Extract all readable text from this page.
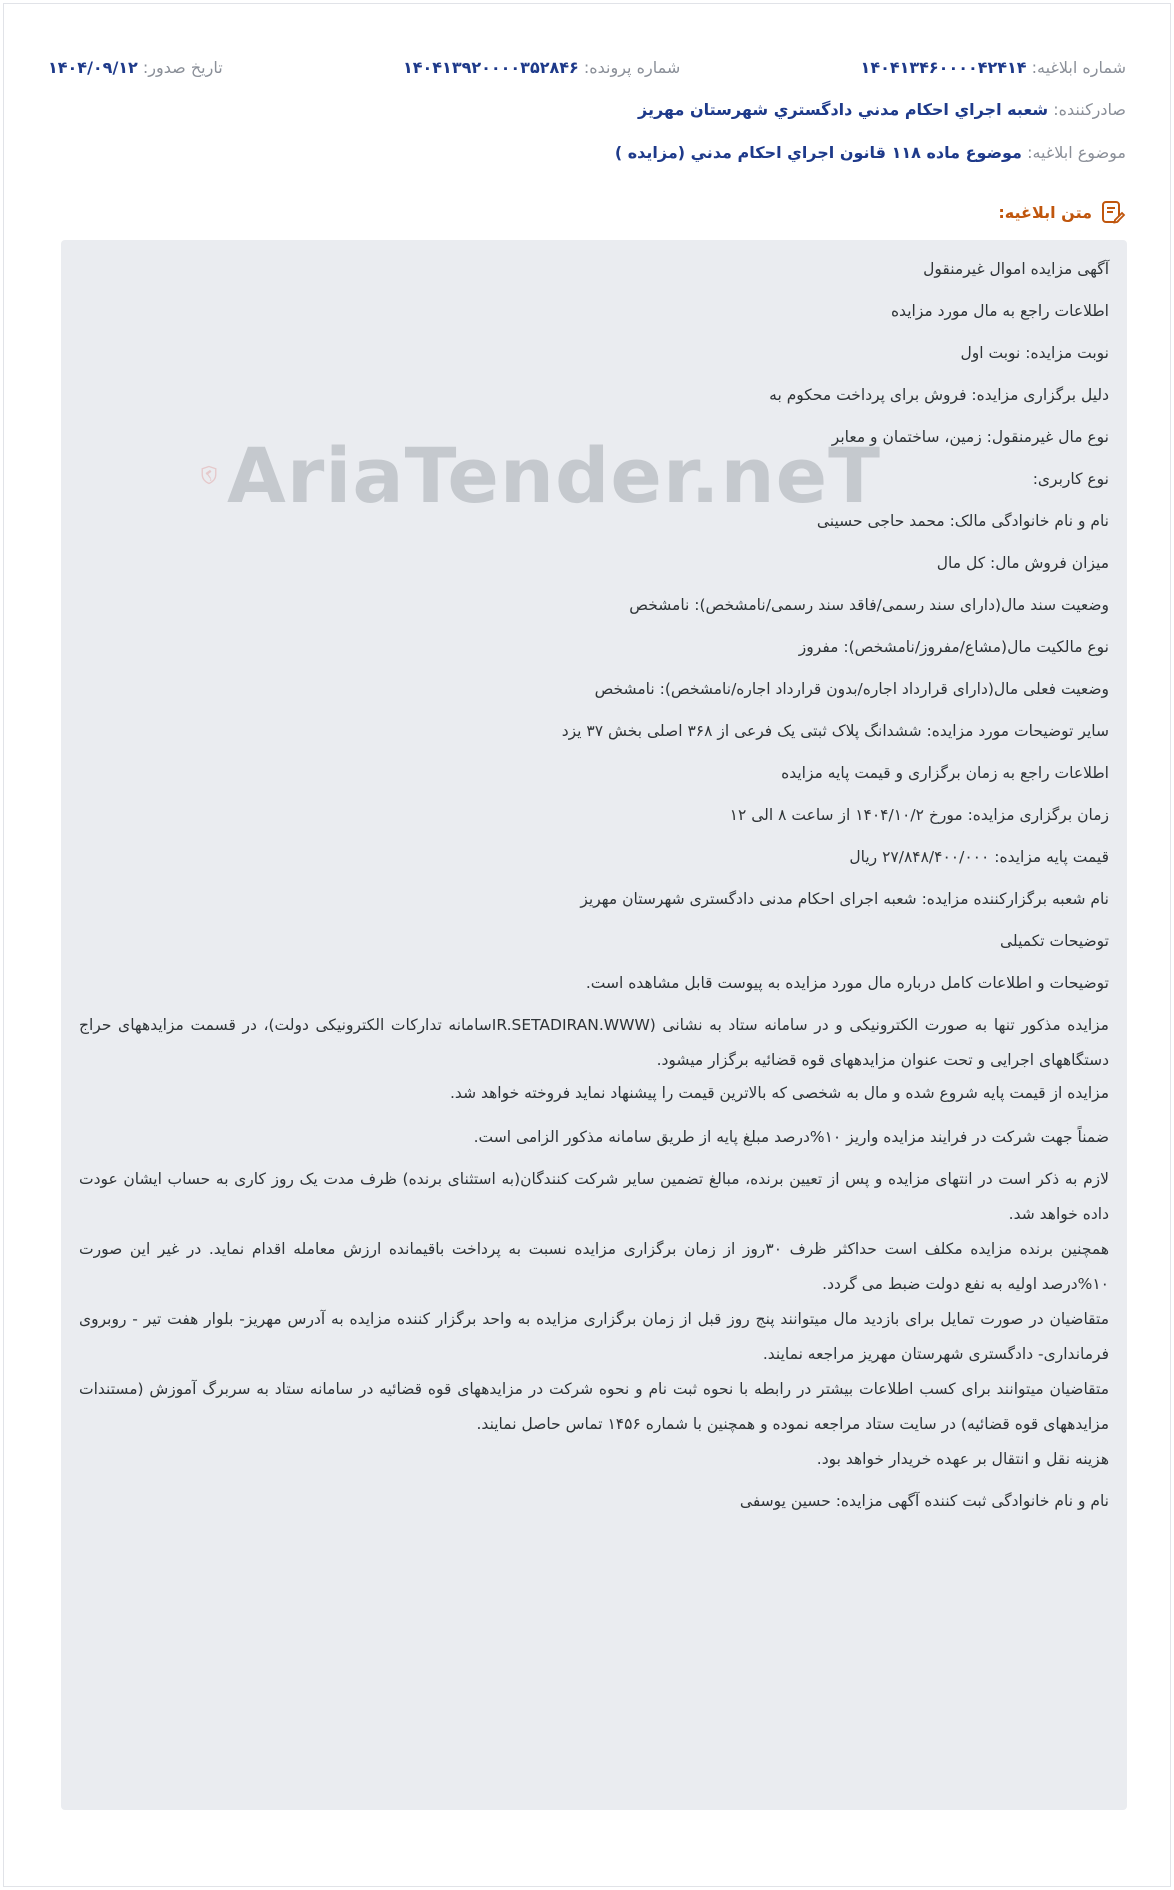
شماره ابلاغیه: ۱۴۰۴۱۳۴۶۰۰۰۰۴۲۴۱۴
شماره پرونده: ۱۴۰۴۱۳۹۲۰۰۰۰۳۵۲۸۴۶
تاریخ صدور: ۱۴۰۴/۰۹/۱۲
صادرکننده: شعبه اجراي احكام مدني دادگستري شهرستان مهريز
موضوع ابلاغیه: موضوع ماده ١١٨ قانون اجراي احكام مدني (مزايده )
متن ابلاغیه:
AriaTender.neT

آگهی مزایده اموال غیرمنقول

اطلاعات راجع به مال مورد مزایده

نوبت مزایده: نوبت اول

دلیل برگزاری مزایده: فروش برای پرداخت محکوم به

نوع مال غیرمنقول: زمین، ساختمان و معابر

نوع کاربری:

نام و نام خانوادگی مالک: محمد حاجی حسینی

میزان فروش مال: کل مال

وضعیت سند مال(دارای سند رسمی/فاقد سند رسمی/نامشخص): نامشخص

نوع مالکیت مال(مشاع/مفروز/نامشخص): مفروز

وضعیت فعلی مال(دارای قرارداد اجاره/بدون قرارداد اجاره/نامشخص): نامشخص

سایر توضیحات مورد مزایده: ششدانگ پلاک ثبتی یک فرعی از ۳۶۸ اصلی بخش ۳۷ یزد

اطلاعات راجع به زمان برگزاری و قیمت پایه مزایده

زمان برگزاری مزایده: مورخ ۱۴۰۴/۱۰/۲ از ساعت ۸ الی ۱۲

قیمت پایه مزایده: ۲۷/۸۴۸/۴۰۰/۰۰۰ ریال

نام شعبه برگزارکننده مزایده: شعبه اجرای احکام مدنی دادگستری شهرستان مهریز

توضیحات تکمیلی

توضیحات و اطلاعات کامل درباره مال مورد مزایده به پیوست قابل مشاهده است.

مزایده مذکور تنها به صورت الکترونیکی و در سامانه ستاد به نشانی (IR.SETADIRAN.WWWسامانه تدارکات الکترونیکی دولت)، در قسمت مزایدههای حراج دستگاههای اجرایی و تحت عنوان مزایدههای قوه قضائیه برگزار میشود.

مزایده از قیمت پایه شروع شده و مال به شخصی که بالاترین قیمت را پیشنهاد نماید فروخته خواهد شد.

ضمناً جهت شرکت در فرایند مزایده واریز ۱۰%درصد مبلغ پایه از طریق سامانه مذکور الزامی است.

لازم به ذکر است در انتهای مزایده و پس از تعیین برنده، مبالغ تضمین سایر شرکت کنندگان(به استثنای برنده) ظرف مدت یک روز کاری به حساب ایشان عودت داده خواهد شد.

همچنین برنده مزایده مکلف است حداکثر ظرف ۳۰روز از زمان برگزاری مزایده نسبت به پرداخت باقیمانده ارزش معامله اقدام نماید. در غیر این صورت ۱۰%درصد اولیه به نفع دولت ضبط می گردد.

متقاضیان در صورت تمایل برای بازدید مال میتوانند پنج روز قبل از زمان برگزاری مزایده به واحد برگزار کننده مزایده به آدرس مهریز- بلوار هفت تیر - روبروی فرمانداری- دادگستری شهرستان مهریز مراجعه نمایند.

متقاضیان میتوانند برای کسب اطلاعات بیشتر در رابطه با نحوه ثبت نام و نحوه شرکت در مزایدههای قوه قضائیه در سامانه ستاد به سربرگ آموزش (مستندات مزایدههای قوه قضائیه) در سایت ستاد مراجعه نموده و همچنین با شماره ۱۴۵۶ تماس حاصل نمایند.

هزینه نقل و انتقال بر عهده خریدار خواهد بود.

نام و نام خانوادگی ثبت کننده آگهی مزایده: حسین یوسفی
